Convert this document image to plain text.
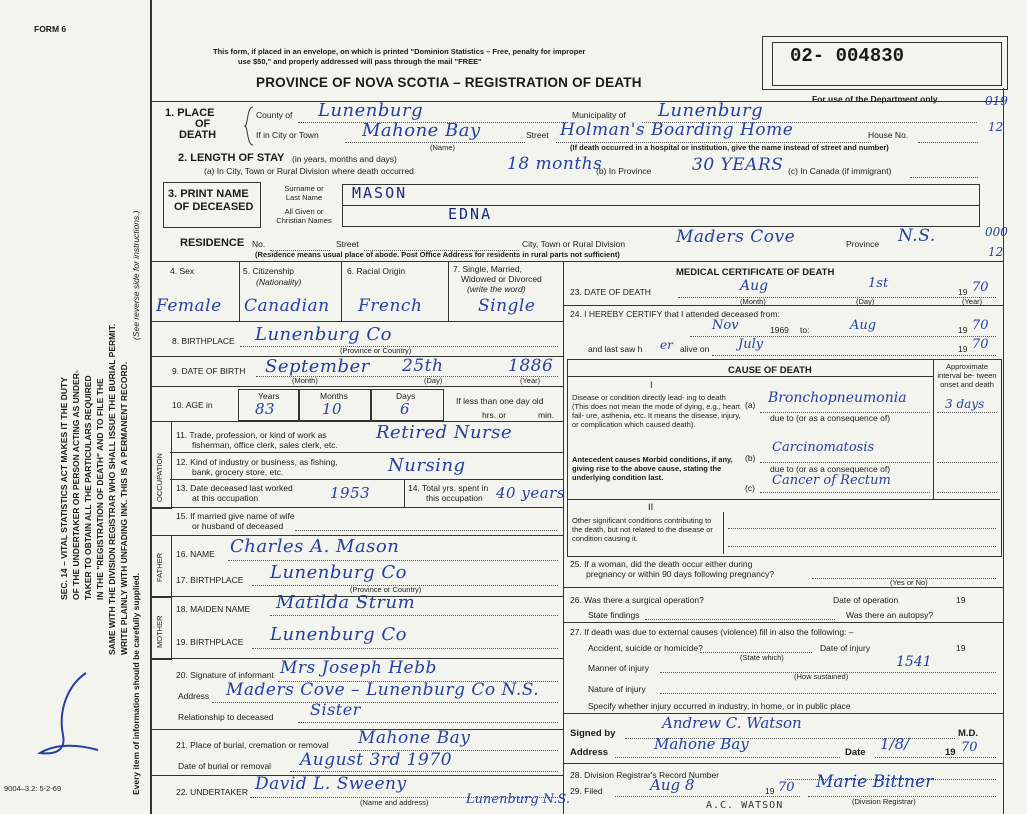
FORM 6
SEC. 14 – VITAL STATISTICS ACT MAKES IT THE DUTY OF THE UNDERTAKER OR PERSON ACTING AS UNDER- TAKER TO OBTAIN ALL THE PARTICULARS REQUIRED IN THE "REGISTRATION OF DEATH" AND TO FILE THE SAME WITH THE DIVISION REGISTRAR WHO SHALL ISSUE THE BURIAL PERMIT. WRITE PLAINLY WITH UNFADING INK. THIS IS A PERMANENT RECORD.
(See reverse side for instructions.)
Every item of information should be carefully supplied.
9004–3.2: 5-2-69
This form, if placed in an envelope, on which is printed "Dominion Statistics – Free, penalty for improper
use $50," and properly addressed will pass through the mail "FREE"
PROVINCE OF NOVA SCOTIA – REGISTRATION OF DEATH
02- 004830
For use of the Department only	019
12
000
12
1. PLACE
OF
DEATH
County of Lunenburg	Municipality of Lunenburg
If in City or Town Mahone Bay	Street Holman's Boarding Home	House No.
(Name)	(If death occurred in a hospital or institution, give the name instead of street and number)
2. LENGTH OF STAY (in years, months and days)
(a) In City, Town or Rural Division where death occurred	18 months
(b) In Province 30 YEARS (c) In Canada (if immigrant)
3. PRINT NAME
OF DECEASED
Surname or
Last Name
All Given or
Christian Names
MASON
EDNA
RESIDENCE No.	Street	City, Town or Rural Division	Maders Cove	Province N.S.
(Residence means usual place of abode. Post Office Address for residents in rural parts not sufficient)
4. Sex	5. Citizenship
(Nationality)
6. Racial Origin	7. Single, Married,
Widowed or Divorced
(write the word)
Female Canadian French	Single
8. BIRTHPLACE Lunenburg Co
(Province or Country)
9. DATE OF BIRTH September 25th	1886
(Month)	(Day)	(Year)
10. AGE in
Years	Months	Days
83	10	6	If less than one day old
hrs. or	min.
OCCUPATION
11. Trade, profession, or kind of work as
fisherman, office clerk, sales clerk, etc.
Retired Nurse
12. Kind of industry or business, as fishing,
bank, grocery store, etc.	Nursing
13. Date deceased last worked
at this occupation	1953	14. Total yrs. spent in
this occupation 40 years
15. If married give name of wife
or husband of deceased
FATHER 16. NAME Charles A. Mason
17. BIRTHPLACE Lunenburg Co
(Province or Country)
MOTHER
18. MAIDEN NAME Matilda Strum
19. BIRTHPLACE Lunenburg Co
20. Signature of informant Mrs Joseph Hebb
Address Maders Cove – Lunenburg Co N.S.
Relationship to deceased Sister
21. Place of burial, cremation or removal Mahone Bay
Date of burial or removal August 3rd 1970
22. UNDERTAKER David L. Sweeny
Lunenburg N.S.
(Name and address)
MEDICAL CERTIFICATE OF DEATH
23. DATE OF DEATH	Aug	1st
19 70
(Month)	(Day)	(Year)
24. I HEREBY CERTIFY that I attended deceased from:
Nov	1969 to:	Aug	19 70
and last saw h er alive on July	19 70
CAUSE OF DEATH	Approximate interval be- tween onset and death
I
Disease or condition directly lead- ing to death (This does not mean the mode of dying, e.g., heart fail- ure, asthenia, etc. It means the disease, injury, or complication which caused death).
(a) Bronchopneumonia	3 days
due to (or as a consequence of)
Antecedent causes Morbid conditions, if any, giving rise to the above cause, stating the underlying condition last.
(b)
Carcinomatosis
due to (or as a consequence of)
(c) Cancer of Rectum
II
Other significant conditions contributing to the death, but not related to the disease or condition causing it.
25. If a woman, did the death occur either during
pregnancy or within 90 days following pregnancy?
(Yes or No)
26. Was there a surgical operation?	Date of operation	19
State findings	Was there an autopsy?
27. If death was due to external causes (violence) fill in also the following: –
Accident, suicide or homicide?
(State which)
Date of injury	19
Manner of injury	1541
(How sustained)
Nature of injury
Specify whether injury occurred in industry, in home, or in public place
Signed by
Andrew C. Watson
M.D.
Address	Mahone Bay	Date 1/8/	19 70
28. Division Registrar's Record Number
29. Filed	Aug 8	19 70 Marie Bittner
(Division Registrar)
A.C. WATSON
